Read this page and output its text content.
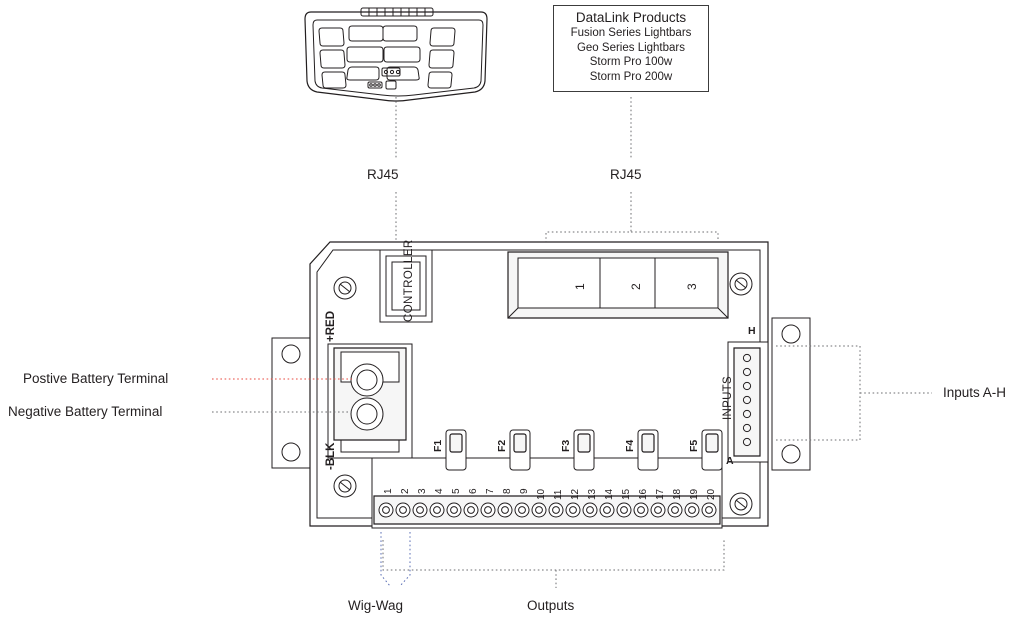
DataLink Products
Fusion Series Lightbars
Geo Series Lightbars
Storm Pro 100w
Storm Pro 200w
RJ45	RJ45
Postive Battery Terminal
Negative Battery Terminal
Inputs A-H
Wig-Wag	Outputs
CONTROLLER
+RED
-BLK
INPUTS
H
A
1	2	3
F1	F2	F3	F4	F5
1 2 3 4 5 6 7 8 9 10 11 12 13 14 15 16 17 18 19 20
